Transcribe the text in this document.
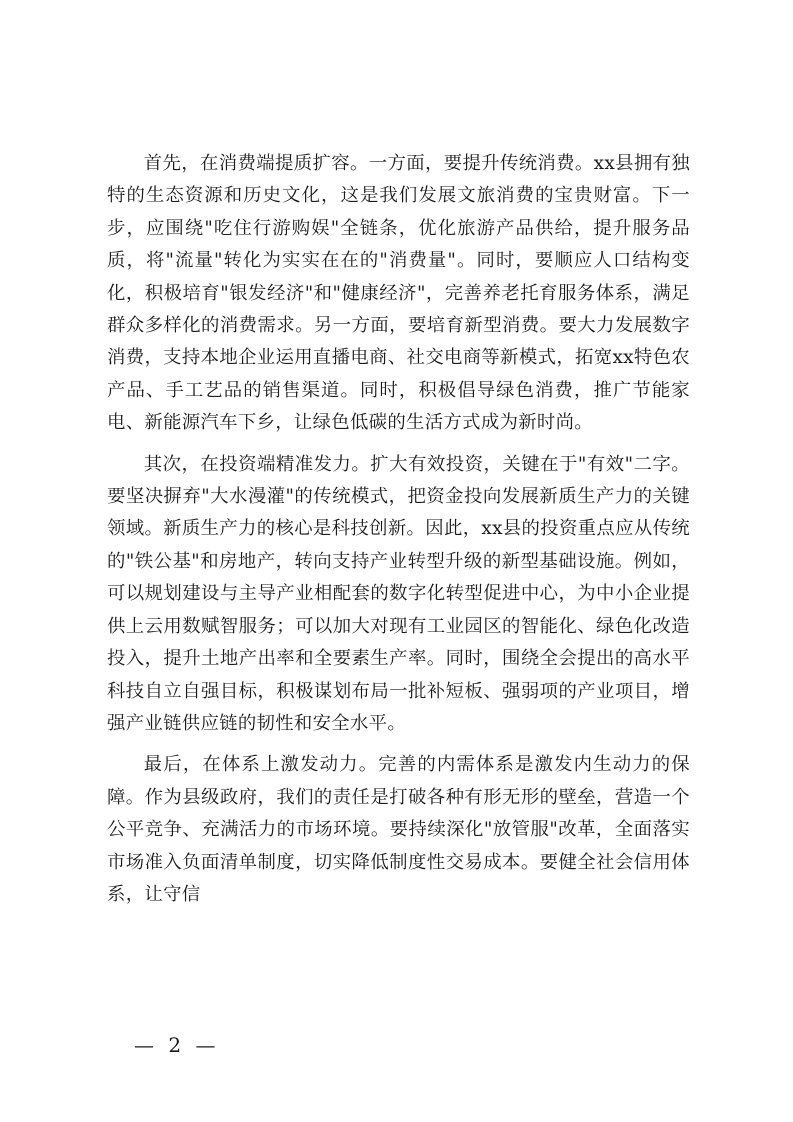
首先，在消费端提质扩容。一方面，要提升传统消费。xx县拥有独特的生态资源和历史文化，这是我们发展文旅消费的宝贵财富。下一步，应围绕"吃住行游购娱"全链条，优化旅游产品供给，提升服务品质，将"流量"转化为实实在在的"消费量"。同时，要顺应人口结构变化，积极培育"银发经济"和"健康经济"，完善养老托育服务体系，满足群众多样化的消费需求。另一方面，要培育新型消费。要大力发展数字消费，支持本地企业运用直播电商、社交电商等新模式，拓宽xx特色农产品、手工艺品的销售渠道。同时，积极倡导绿色消费，推广节能家电、新能源汽车下乡，让绿色低碳的生活方式成为新时尚。

其次，在投资端精准发力。扩大有效投资，关键在于"有效"二字。要坚决摒弃"大水漫灌"的传统模式，把资金投向发展新质生产力的关键领域。新质生产力的核心是科技创新。因此，xx县的投资重点应从传统的"铁公基"和房地产，转向支持产业转型升级的新型基础设施。例如，可以规划建设与主导产业相配套的数字化转型促进中心，为中小企业提供上云用数赋智服务；可以加大对现有工业园区的智能化、绿色化改造投入，提升土地产出率和全要素生产率。同时，围绕全会提出的高水平科技自立自强目标，积极谋划布局一批补短板、强弱项的产业项目，增强产业链供应链的韧性和安全水平。

最后，在体系上激发动力。完善的内需体系是激发内生动力的保障。作为县级政府，我们的责任是打破各种有形无形的壁垒，营造一个公平竞争、充满活力的市场环境。要持续深化"放管服"改革，全面落实市场准入负面清单制度，切实降低制度性交易成本。要健全社会信用体系，让守信

— 2 —
